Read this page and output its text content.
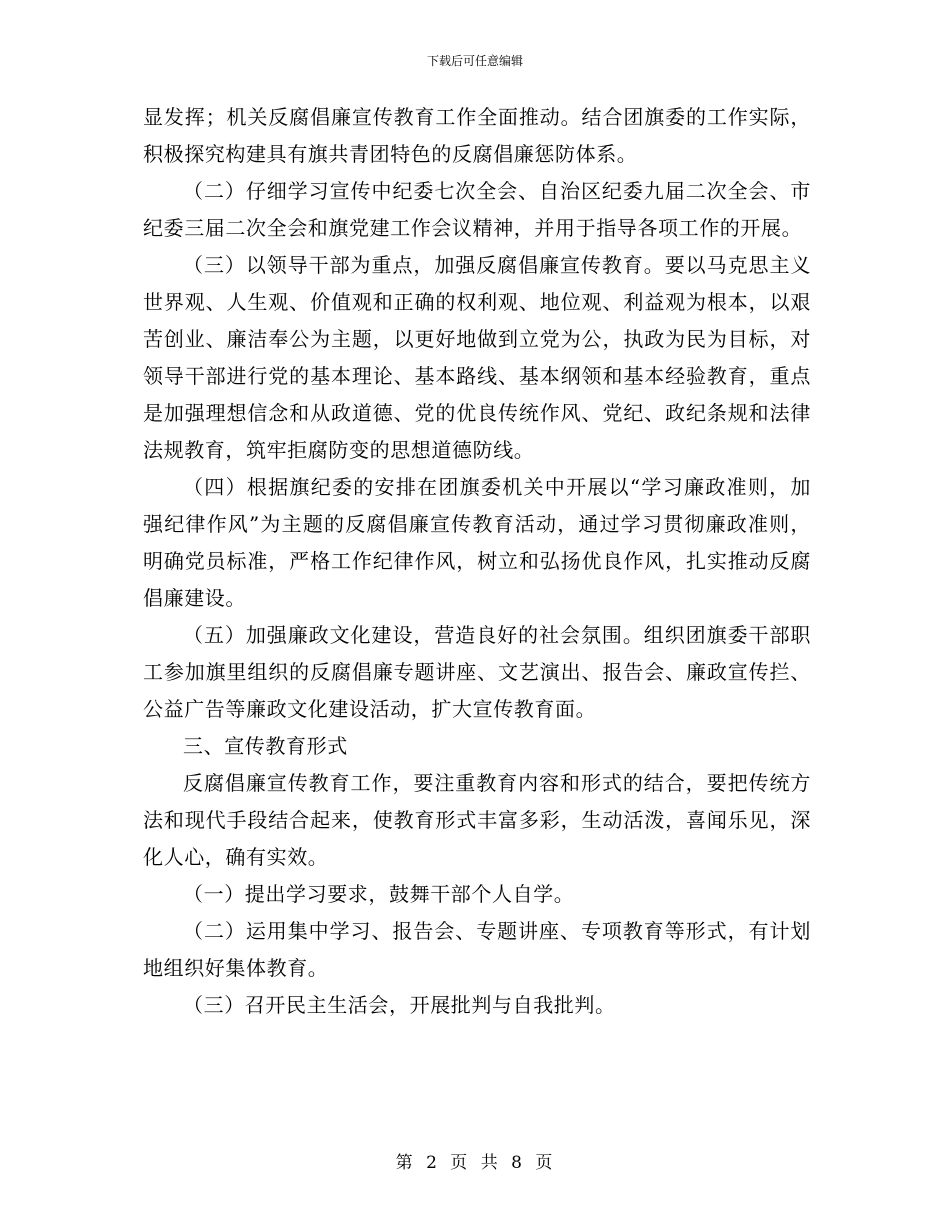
下载后可任意编辑

显发挥；机关反腐倡廉宣传教育工作全面推动。结合团旗委的工作实际，积极探究构建具有旗共青团特色的反腐倡廉惩防体系。

（二）仔细学习宣传中纪委七次全会、自治区纪委九届二次全会、市纪委三届二次全会和旗党建工作会议精神，并用于指导各项工作的开展。

（三）以领导干部为重点，加强反腐倡廉宣传教育。要以马克思主义世界观、人生观、价值观和正确的权利观、地位观、利益观为根本，以艰苦创业、廉洁奉公为主题，以更好地做到立党为公，执政为民为目标，对领导干部进行党的基本理论、基本路线、基本纲领和基本经验教育，重点是加强理想信念和从政道德、党的优良传统作风、党纪、政纪条规和法律法规教育，筑牢拒腐防变的思想道德防线。

（四）根据旗纪委的安排在团旗委机关中开展以“学习廉政准则，加强纪律作风”为主题的反腐倡廉宣传教育活动，通过学习贯彻廉政准则，明确党员标准，严格工作纪律作风，树立和弘扬优良作风，扎实推动反腐倡廉建设。

（五）加强廉政文化建设，营造良好的社会氛围。组织团旗委干部职工参加旗里组织的反腐倡廉专题讲座、文艺演出、报告会、廉政宣传拦、公益广告等廉政文化建设活动，扩大宣传教育面。

三、宣传教育形式

反腐倡廉宣传教育工作，要注重教育内容和形式的结合，要把传统方法和现代手段结合起来，使教育形式丰富多彩，生动活泼，喜闻乐见，深化人心，确有实效。

（一）提出学习要求，鼓舞干部个人自学。

（二）运用集中学习、报告会、专题讲座、专项教育等形式，有计划地组织好集体教育。

（三）召开民主生活会，开展批判与自我批判。

第 2 页 共 8 页
